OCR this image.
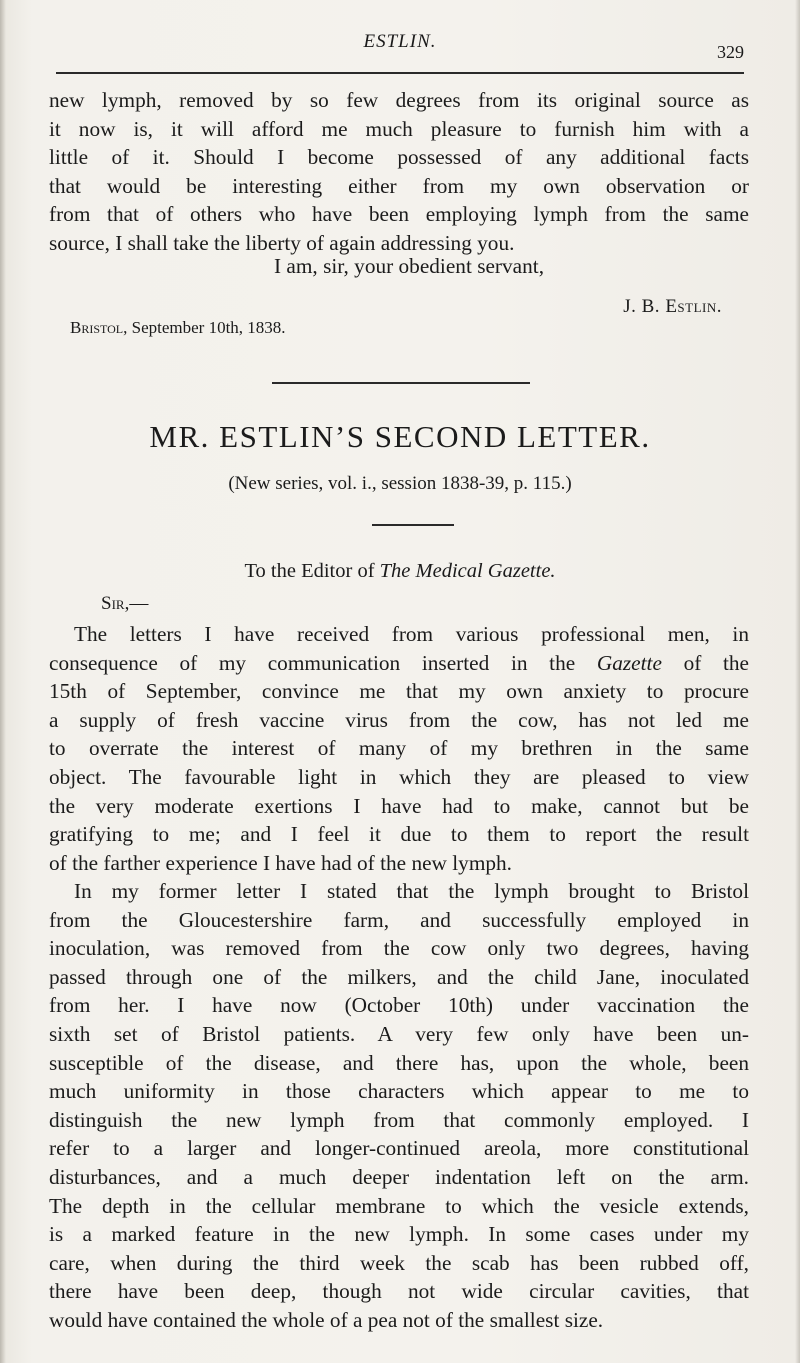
ESTLIN.	329
new lymph, removed by so few degrees from its original source as
it now is, it will afford me much pleasure to furnish him with a
little of it. Should I become possessed of any additional facts
that would be interesting either from my own observation or
from that of others who have been employing lymph from the same
source, I shall take the liberty of again addressing you.
I am, sir, your obedient servant,
J. B. Estlin.
Bristol, September 10th, 1838.
MR. ESTLIN’S SECOND LETTER.
(New series, vol. i., session 1838-39, p. 115.)
To the Editor of The Medical Gazette.
Sir,—
The letters I have received from various professional men, in
consequence of my communication inserted in the Gazette of the
15th of September, convince me that my own anxiety to procure
a supply of fresh vaccine virus from the cow, has not led me
to overrate the interest of many of my brethren in the same
object. The favourable light in which they are pleased to view
the very moderate exertions I have had to make, cannot but be
gratifying to me; and I feel it due to them to report the result
of the farther experience I have had of the new lymph.
In my former letter I stated that the lymph brought to Bristol
from the Gloucestershire farm, and successfully employed in
inoculation, was removed from the cow only two degrees, having
passed through one of the milkers, and the child Jane, inoculated
from her. I have now (October 10th) under vaccination the
sixth set of Bristol patients. A very few only have been un-
susceptible of the disease, and there has, upon the whole, been
much uniformity in those characters which appear to me to
distinguish the new lymph from that commonly employed. I
refer to a larger and longer-continued areola, more constitutional
disturbances, and a much deeper indentation left on the arm.
The depth in the cellular membrane to which the vesicle extends,
is a marked feature in the new lymph. In some cases under my
care, when during the third week the scab has been rubbed off,
there have been deep, though not wide circular cavities, that
would have contained the whole of a pea not of the smallest size.
